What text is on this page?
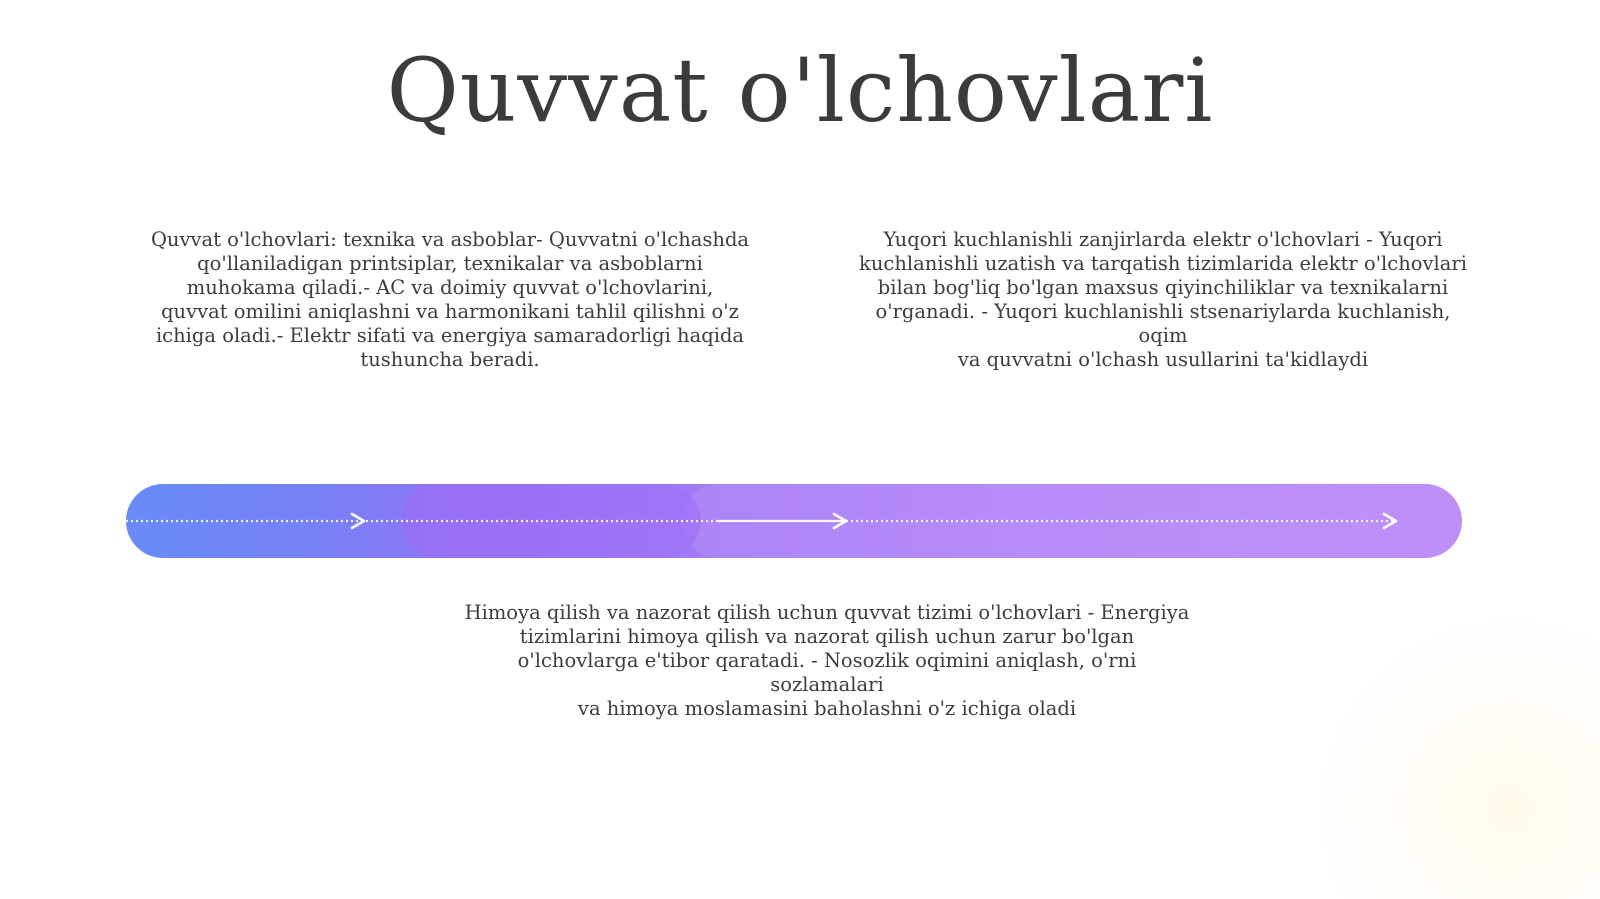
Quvvat o'lchovlari
Quvvat o'lchovlari: texnika va asboblar- Quvvatni o'lchashda
qo'llaniladigan printsiplar, texnikalar va asboblarni
muhokama qiladi.- AC va doimiy quvvat o'lchovlarini,
quvvat omilini aniqlashni va harmonikani tahlil qilishni o'z
ichiga oladi.- Elektr sifati va energiya samaradorligi haqida
tushuncha beradi.
Yuqori kuchlanishli zanjirlarda elektr o'lchovlari - Yuqori
kuchlanishli uzatish va tarqatish tizimlarida elektr o'lchovlari
bilan bog'liq bo'lgan maxsus qiyinchiliklar va texnikalarni
o'rganadi. - Yuqori kuchlanishli stsenariylarda kuchlanish, oqim
va quvvatni o'lchash usullarini ta'kidlaydi
Himoya qilish va nazorat qilish uchun quvvat tizimi o'lchovlari - Energiya
tizimlarini himoya qilish va nazorat qilish uchun zarur bo'lgan
o'lchovlarga e'tibor qaratadi. - Nosozlik oqimini aniqlash, o'rni sozlamalari
va himoya moslamasini baholashni o'z ichiga oladi
